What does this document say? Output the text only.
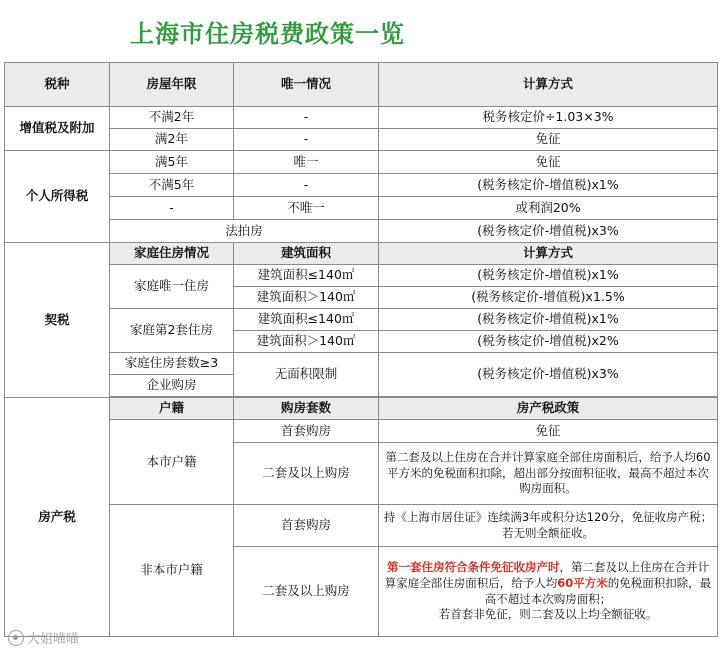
上海市住房税费政策一览
税种	房屋年限	唯一情况	计算方式
增值税及附加	不满2年	-	税务核定价÷1.03×3%
	满2年	-	免征
个人所得税	满5年	唯一	免征
	不满5年	-	(税务核定价-增值税)x1%
	-	不唯一	或利润20%
	法拍房		(税务核定价-增值税)x3%
契税	家庭住房情况	建筑面积	计算方式
	家庭唯一住房	建筑面积≤140㎡	(税务核定价-增值税)x1%
		建筑面积＞140㎡	(税务核定价-增值税)x1.5%
	家庭第2套住房	建筑面积≤140㎡	(税务核定价-增值税)x1%
		建筑面积＞140㎡	(税务核定价-增值税)x2%
	家庭住房套数≥3	无面积限制	(税务核定价-增值税)x3%
	企业购房		

房产税	户籍	购房套数	房产税政策
	本市户籍	首套购房	免征
		二套及以上购房	第二套及以上住房在合并计算家庭全部住房面积后，给予人均60平方米的免税面积扣除，超出部分按面积征收，最高不超过本次购房面积。
	非本市户籍	首套购房	持《上海市居住证》连续满3年或积分达120分，免征收房产税；若无则全额征收。
		二套及以上购房	第一套住房符合条件免征收房产时，第二套及以上住房在合并计算家庭全部住房面积后，给予人均60平方米的免税面积扣除，最高不超过本次购房面积；
若首套非免征，则二套及以上均全额征收。
大姐喵喵
